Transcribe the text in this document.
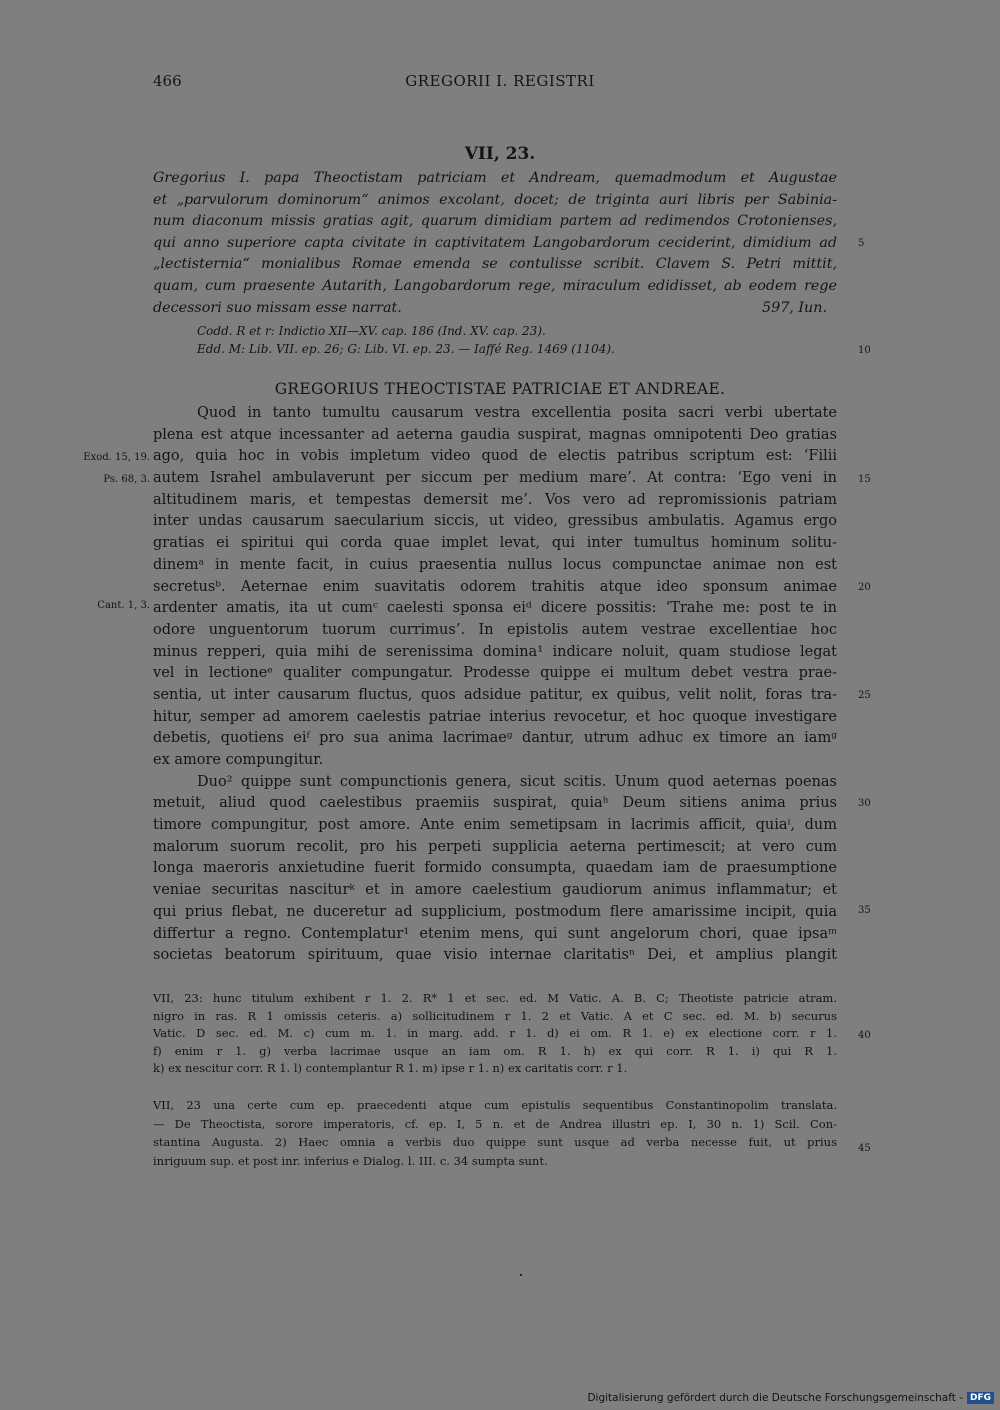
466	GREGORII I. REGISTRI
VII, 23.
Gregorius I. papa Theoctistam patriciam et Andream, quemadmodum et Augustae
et „parvulorum dominorum“ animos excolant, docet; de triginta auri libris per Sabinia-
num diaconum missis gratias agit, quarum dimidiam partem ad redimendos Crotonienses,
qui anno superiore capta civitate in captivitatem Langobardorum ceciderint, dimidium ad
„lectisternia“ monialibus Romae emenda se contulisse scribit. Clavem S. Petri mittit,
quam, cum praesente Autarith, Langobardorum rege, miraculum edidisset, ab eodem rege
decessori suo missam esse narrat.	597, Iun.
Codd. R et r: Indictio XII—XV. cap. 186 (Ind. XV. cap. 23).
Edd. M: Lib. VII. ep. 26; G: Lib. VI. ep. 23. — Iaffé Reg. 1469 (1104).
GREGORIUS THEOCTISTAE PATRICIAE ET ANDREAE.
Quod in tanto tumultu causarum vestra excellentia posita sacri verbi ubertate
plena est atque incessanter ad aeterna gaudia suspirat, magnas omnipotenti Deo gratias
ago, quia hoc in vobis impletum video quod de electis patribus scriptum est: ‘Filii
autem Israhel ambulaverunt per siccum per medium mare’. At contra: ‘Ego veni in
altitudinem maris, et tempestas demersit me’. Vos vero ad repromissionis patriam
inter undas causarum saecularium siccis, ut video, gressibus ambulatis. Agamus ergo
gratias ei spiritui qui corda quae implet levat, qui inter tumultus hominum solitu-
dinemᵃ in mente facit, in cuius praesentia nullus locus compunctae animae non est
secretusᵇ. Aeternae enim suavitatis odorem trahitis atque ideo sponsum animae
ardenter amatis, ita ut cumᶜ caelesti sponsa eiᵈ dicere possitis: ‘Trahe me: post te in
odore unguentorum tuorum currimus’. In epistolis autem vestrae excellentiae hoc
minus repperi, quia mihi de serenissima domina¹ indicare noluit, quam studiose legat
vel in lectioneᵉ qualiter compungatur. Prodesse quippe ei multum debet vestra prae-
sentia, ut inter causarum fluctus, quos adsidue patitur, ex quibus, velit nolit, foras tra-
hitur, semper ad amorem caelestis patriae interius revocetur, et hoc quoque investigare
debetis, quotiens eiᶠ pro sua anima lacrimaeᵍ dantur, utrum adhuc ex timore an iamᵍ
ex amore compungitur.
Duo² quippe sunt compunctionis genera, sicut scitis. Unum quod aeternas poenas
metuit, aliud quod caelestibus praemiis suspirat, quiaʰ Deum sitiens anima prius
timore compungitur, post amore. Ante enim semetipsam in lacrimis afficit, quiaⁱ, dum
malorum suorum recolit, pro his perpeti supplicia aeterna pertimescit; at vero cum
longa maeroris anxietudine fuerit formido consumpta, quaedam iam de praesumptione
veniae securitas nasciturᵏ et in amore caelestium gaudiorum animus inflammatur; et
qui prius flebat, ne duceretur ad supplicium, postmodum flere amarissime incipit, quia
differtur a regno. Contemplatur¹ etenim mens, qui sunt angelorum chori, quae ipsaᵐ
societas beatorum spirituum, quae visio internae claritatisⁿ Dei, et amplius plangit
Exod. 15, 19.
Ps. 68, 3.
Cant. 1, 3.
5
10
15
20
25
30
35
40
45
VII, 23: hunc titulum exhibent r 1. 2. R* 1 et sec. ed. M Vatic. A. B. C; Theotiste patricie atram.
nigro in ras. R 1 omissis ceteris. a) sollicitudinem r 1. 2 et Vatic. A et C sec. ed. M. b) securus
Vatic. D sec. ed. M. c) cum m. 1. in marg. add. r 1. d) ei om. R 1. e) ex electione corr. r 1.
f) enim r 1. g) verba lacrimae usque an iam om. R 1. h) ex qui corr. R 1. i) qui R 1.
k) ex nescitur corr. R 1. l) contemplantur R 1. m) ipse r 1. n) ex caritatis corr. r 1.
VII, 23 una certe cum ep. praecedenti atque cum epistulis sequentibus Constantinopolim translata.
— De Theoctista, sorore imperatoris, cf. ep. I, 5 n. et de Andrea illustri ep. I, 30 n. 1) Scil. Con-
stantina Augusta. 2) Haec omnia a verbis duo quippe sunt usque ad verba necesse fuit, ut prius
inriguum sup. et post inr. inferius e Dialog. l. III. c. 34 sumpta sunt.
Digitalisierung gefördert durch die Deutsche Forschungsgemeinschaft - DFG
